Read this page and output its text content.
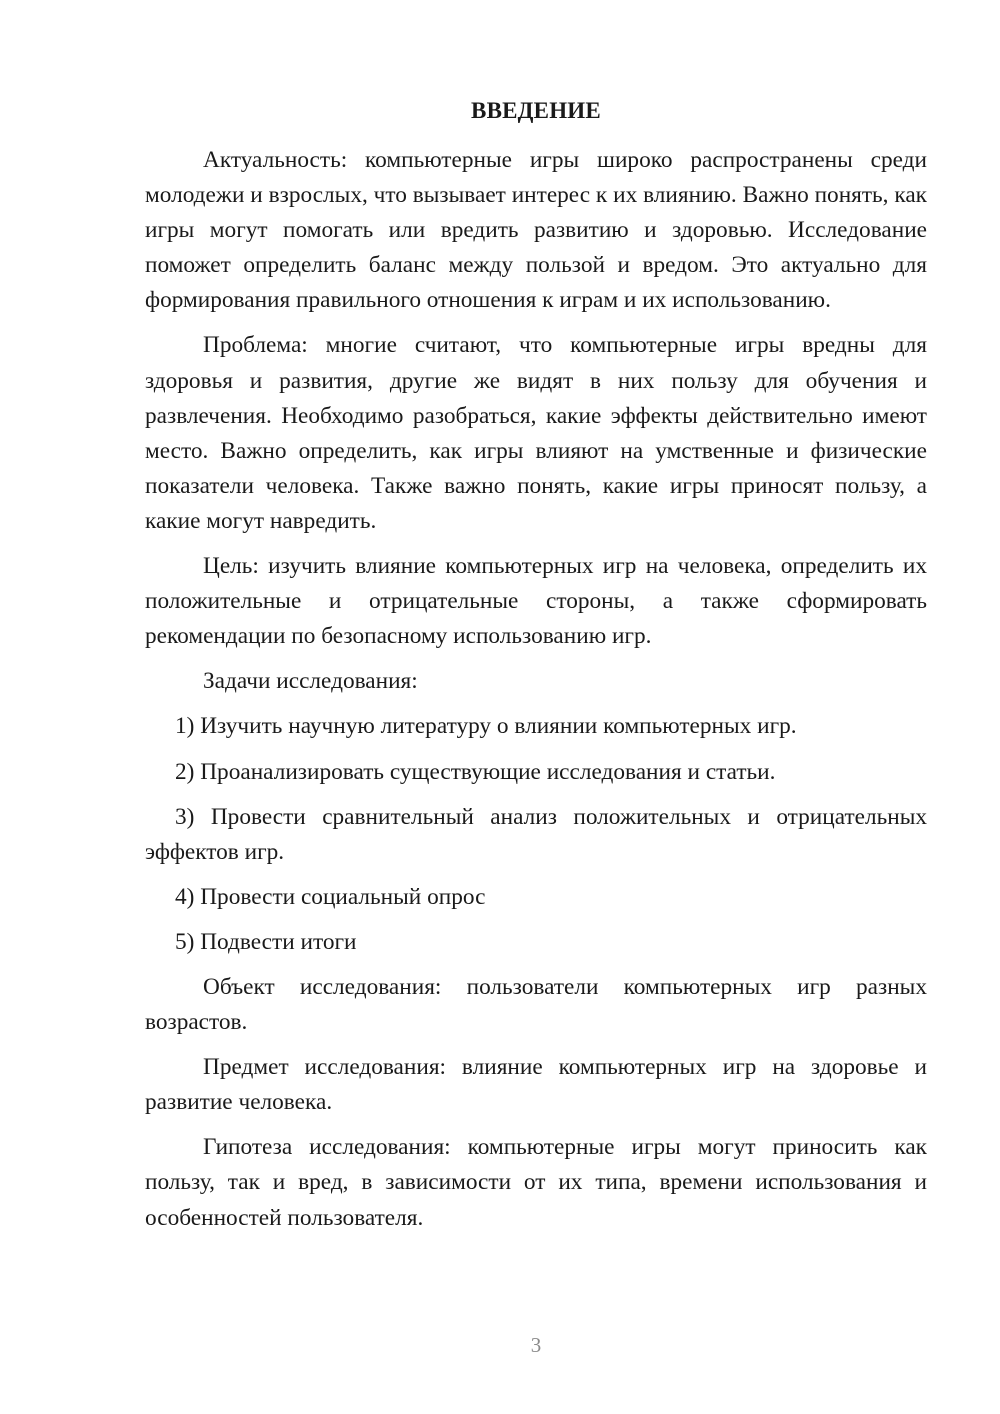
ВВЕДЕНИЕ

Актуальность: компьютерные игры широко распространены среди молодежи и взрослых, что вызывает интерес к их влиянию. Важно понять, как игры могут помогать или вредить развитию и здоровью. Исследование поможет определить баланс между пользой и вредом. Это актуально для формирования правильного отношения к играм и их использованию.

Проблема: многие считают, что компьютерные игры вредны для здоровья и развития, другие же видят в них пользу для обучения и развлечения. Необходимо разобраться, какие эффекты действительно имеют место. Важно определить, как игры влияют на умственные и физические показатели человека. Также важно понять, какие игры приносят пользу, а какие могут навредить.

Цель: изучить влияние компьютерных игр на человека, определить их положительные и отрицательные стороны, а также сформировать рекомендации по безопасному использованию игр.

Задачи исследования:

1) Изучить научную литературу о влиянии компьютерных игр.

2) Проанализировать существующие исследования и статьи.

3) Провести сравнительный анализ положительных и отрицательных эффектов игр.

4) Провести социальный опрос

5) Подвести итоги

Объект исследования: пользователи компьютерных игр разных возрастов.

Предмет исследования: влияние компьютерных игр на здоровье и развитие человека.

Гипотеза исследования: компьютерные игры могут приносить как пользу, так и вред, в зависимости от их типа, времени использования и особенностей пользователя.

3
